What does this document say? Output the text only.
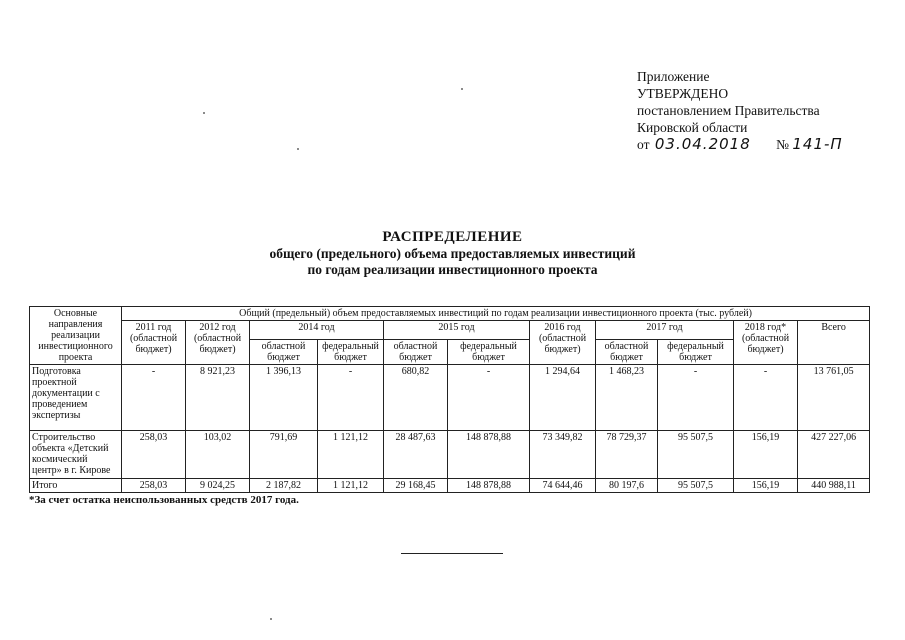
Приложение
УТВЕРЖДЕНО
постановлением Правительства
Кировской области
от 03.04.2018 № 141-П
РАСПРЕДЕЛЕНИЕ
общего (предельного) объема предоставляемых инвестиций
по годам реализации инвестиционного проекта
Основные направления реализации инвестиционного проекта	Общий (предельный) объем предоставляемых инвестиций по годам реализации инвестиционного проекта (тыс. рублей)										
	2011 год (областной бюджет)	2012 год (областной бюджет)	2014 год		2015 год		2016 год (областной бюджет)	2017 год		2018 год* (областной бюджет)	Всего
			областной бюджет	федеральный бюджет	областной бюджет	федеральный бюджет		областной бюджет	федеральный бюджет		
Подготовка проектной документации с проведением экспертизы	-	8 921,23	1 396,13	-	680,82	-	1 294,64	1 468,23	-	-	13 761,05
Строительство объекта «Детский космический центр» в г. Кирове	258,03	103,02	791,69	1 121,12	28 487,63	148 878,88	73 349,82	78 729,37	95 507,5	156,19	427 227,06
Итого	258,03	9 024,25	2 187,82	1 121,12	29 168,45	148 878,88	74 644,46	80 197,6	95 507,5	156,19	440 988,11
*За счет остатка неиспользованных средств 2017 года.
